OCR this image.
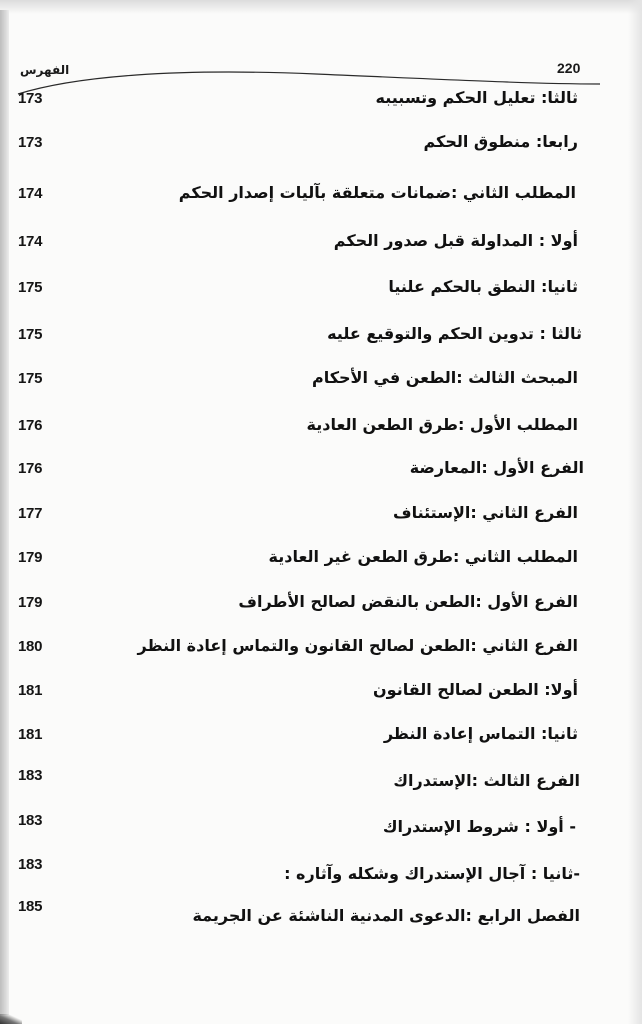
الفهرس	220
173	ثالثا: تعليل الحكم وتسبيبه
173	رابعا: منطوق الحكم
174	المطلب الثاني :ضمانات متعلقة بآليات إصدار الحكم
174	أولا : المداولة قبل صدور الحكم
175	ثانيا: النطق بالحكم علنيا
175	ثالثا : تدوين الحكم والتوقيع عليه
175	المبحث الثالث :الطعن في الأحكام
176	المطلب الأول :طرق الطعن العادية
176	الفرع الأول :المعارضة
177	الفرع الثاني :الإستئناف
179	المطلب الثاني :طرق الطعن غير العادية
179	الفرع الأول :الطعن بالنقض لصالح الأطراف
180	الفرع الثاني :الطعن لصالح القانون والتماس إعادة النظر
181	أولا: الطعن لصالح القانون
181	ثانيا: التماس إعادة النظر
183	الفرع الثالث :الإستدراك
183	- أولا : شروط الإستدراك
183	-ثانيا : آجال الإستدراك وشكله وآثاره :
185	الفصل الرابع :الدعوى المدنية الناشئة عن الجريمة
